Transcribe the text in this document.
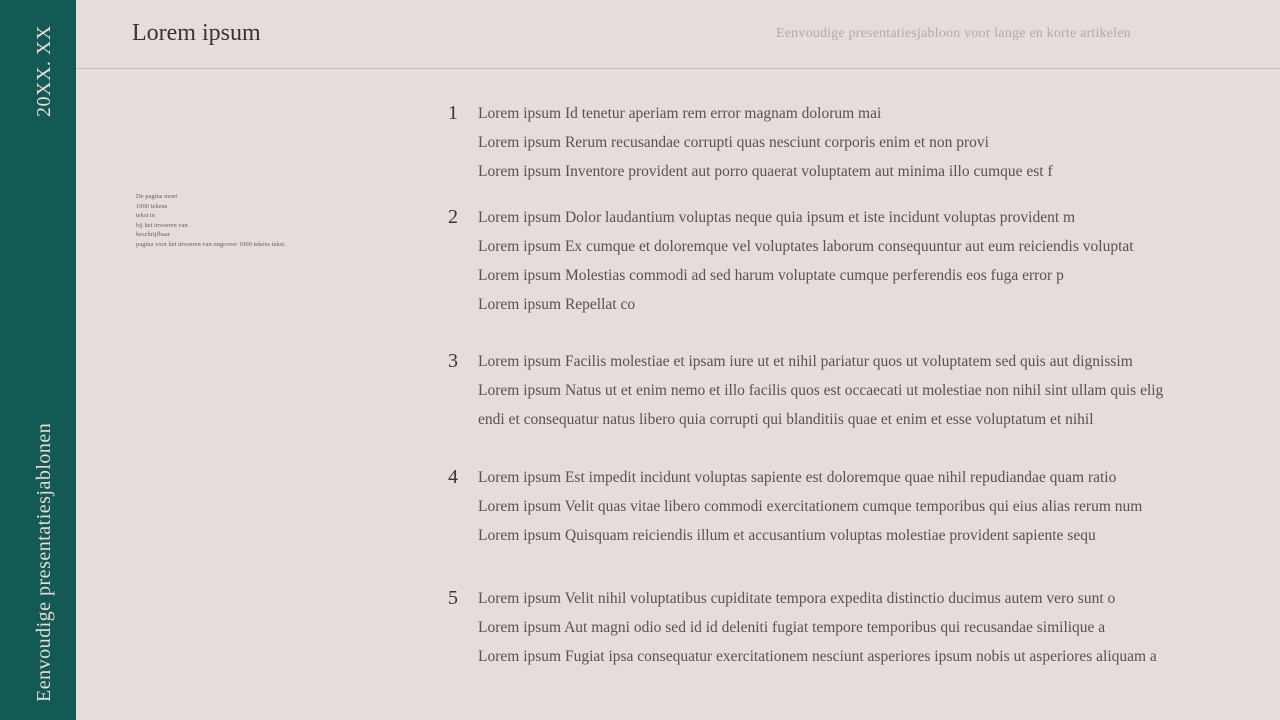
20XX. XX
Eenvoudige presentatiesjablonen
Lorem ipsum	Eenvoudige presentatiesjabloon voor lange en korte artikelen
De pagina moet
1000 tekens
tekst in
bij het invoeren van
beschrijfbaar
pagina voor het invoeren van ongeveer 1000 tekens tekst.
1	Lorem ipsum Id tenetur aperiam rem error magnam dolorum mai
Lorem ipsum Rerum recusandae corrupti quas nesciunt corporis enim et non provi
Lorem ipsum Inventore provident aut porro quaerat voluptatem aut minima illo cumque est f
2	Lorem ipsum Dolor laudantium voluptas neque quia ipsum et iste incidunt voluptas provident m
Lorem ipsum Ex cumque et doloremque vel voluptates laborum consequuntur aut eum reiciendis voluptat
Lorem ipsum Molestias commodi ad sed harum voluptate cumque perferendis eos fuga error p
Lorem ipsum Repellat co
3	Lorem ipsum Facilis molestiae et ipsam iure ut et nihil pariatur quos ut voluptatem sed quis aut dignissim
Lorem ipsum Natus ut et enim nemo et illo facilis quos est occaecati ut molestiae non nihil sint ullam quis elig
endi et consequatur natus libero quia corrupti qui blanditiis quae et enim et esse voluptatum et nihil
4	Lorem ipsum Est impedit incidunt voluptas sapiente est doloremque quae nihil repudiandae quam ratio
Lorem ipsum Velit quas vitae libero commodi exercitationem cumque temporibus qui eius alias rerum num
Lorem ipsum Quisquam reiciendis illum et accusantium voluptas molestiae provident sapiente sequ
5	Lorem ipsum Velit nihil voluptatibus cupiditate tempora expedita distinctio ducimus autem vero sunt o
Lorem ipsum Aut magni odio sed id id deleniti fugiat tempore temporibus qui recusandae similique a
Lorem ipsum Fugiat ipsa consequatur exercitationem nesciunt asperiores ipsum nobis ut asperiores aliquam a
